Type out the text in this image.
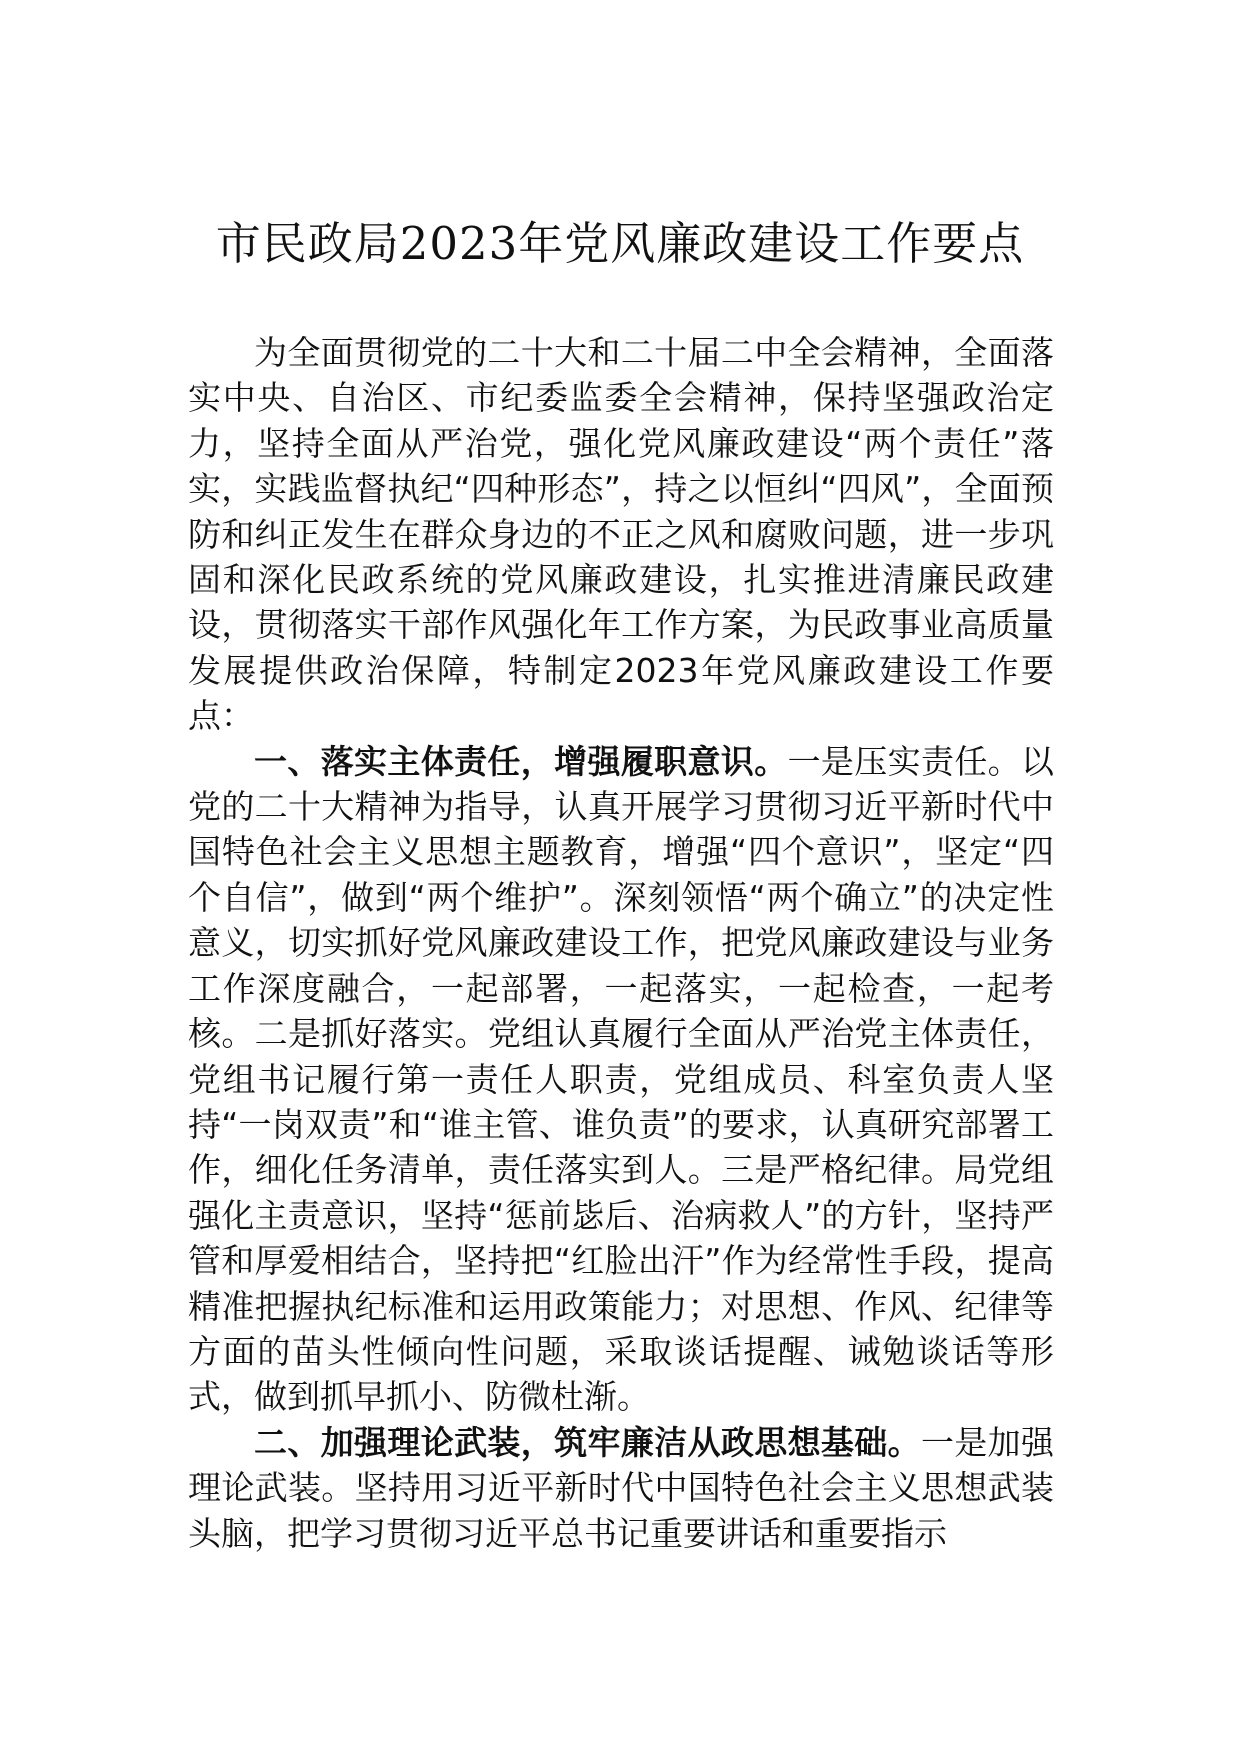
市民政局2023年党风廉政建设工作要点

为全面贯彻党的二十大和二十届二中全会精神，全面落实中央、自治区、市纪委监委全会精神，保持坚强政治定力，坚持全面从严治党，强化党风廉政建设“两个责任”落实，实践监督执纪“四种形态”，持之以恒纠“四风”，全面预防和纠正发生在群众身边的不正之风和腐败问题，进一步巩固和深化民政系统的党风廉政建设，扎实推进清廉民政建设，贯彻落实干部作风强化年工作方案，为民政事业高质量发展提供政治保障，特制定2023年党风廉政建设工作要点：

一、落实主体责任，增强履职意识。一是压实责任。以党的二十大精神为指导，认真开展学习贯彻习近平新时代中国特色社会主义思想主题教育，增强“四个意识”，坚定“四个自信”，做到“两个维护”。深刻领悟“两个确立”的决定性意义，切实抓好党风廉政建设工作，把党风廉政建设与业务工作深度融合，一起部署，一起落实，一起检查，一起考核。二是抓好落实。党组认真履行全面从严治党主体责任，党组书记履行第一责任人职责，党组成员、科室负责人坚持“一岗双责”和“谁主管、谁负责”的要求，认真研究部署工作，细化任务清单，责任落实到人。三是严格纪律。局党组强化主责意识，坚持“惩前毖后、治病救人”的方针，坚持严管和厚爱相结合，坚持把“红脸出汗”作为经常性手段，提高精准把握执纪标准和运用政策能力；对思想、作风、纪律等方面的苗头性倾向性问题，采取谈话提醒、诫勉谈话等形式，做到抓早抓小、防微杜渐。

二、加强理论武装，筑牢廉洁从政思想基础。一是加强理论武装。坚持用习近平新时代中国特色社会主义思想武装头脑，把学习贯彻习近平总书记重要讲话和重要指示
